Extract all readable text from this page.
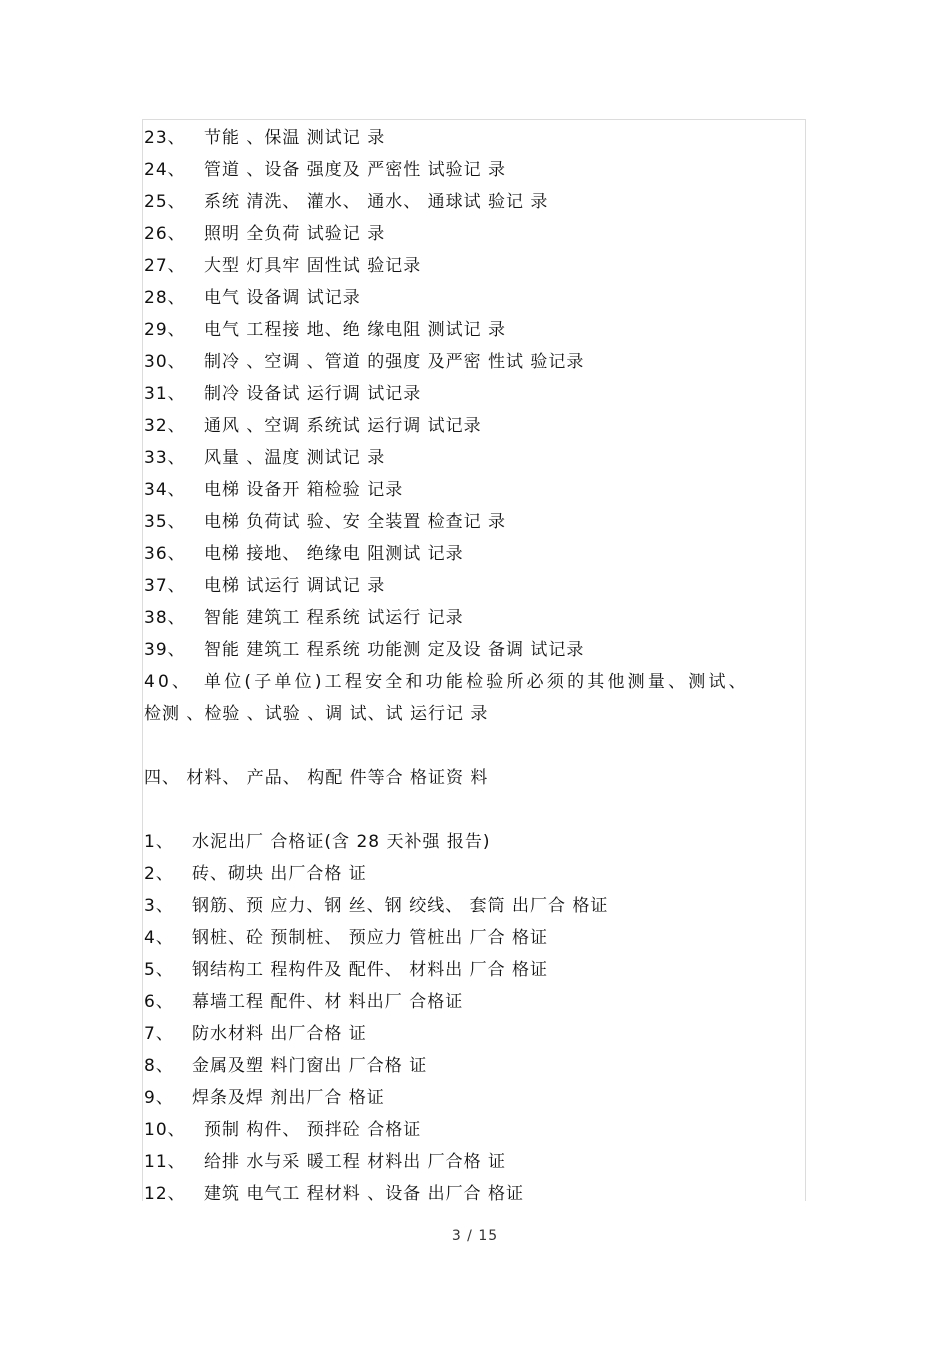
23、 节能 、保温 测试记 录
24、 管道 、设备 强度及 严密性 试验记 录
25、 系统 清洗、 灌水、 通水、 通球试 验记 录
26、 照明 全负荷 试验记 录
27、 大型 灯具牢 固性试 验记录
28、 电气 设备调 试记录
29、 电气 工程接 地、绝 缘电阻 测试记 录
30、 制冷 、空调 、管道 的强度 及严密 性试 验记录
31、 制冷 设备试 运行调 试记录
32、 通风 、空调 系统试 运行调 试记录
33、 风量 、温度 测试记 录
34、 电梯 设备开 箱检验 记录
35、 电梯 负荷试 验、安 全装置 检查记 录
36、 电梯 接地、 绝缘电 阻测试 记录
37、 电梯 试运行 调试记 录
38、 智能 建筑工 程系统 试运行 记录
39、 智能 建筑工 程系统 功能测 定及设 备调 试记录
40、 单位(子单位)工程安全和功能检验所必须的其他测量、测试、
检测 、检验 、试验 、调 试、试 运行记 录
四、 材料、 产品、 构配 件等合 格证资 料
1、 水泥出厂 合格证(含 28 天补强 报告)
2、 砖、砌块 出厂合格 证
3、 钢筋、预 应力、钢 丝、钢 绞线、 套筒 出厂合 格证
4、 钢桩、砼 预制桩、 预应力 管桩出 厂合 格证
5、 钢结构工 程构件及 配件、 材料出 厂合 格证
6、 幕墙工程 配件、材 料出厂 合格证
7、 防水材料 出厂合格 证
8、 金属及塑 料门窗出 厂合格 证
9、 焊条及焊 剂出厂合 格证
10、 预制 构件、 预拌砼 合格证
11、 给排 水与采 暖工程 材料出 厂合格 证
12、 建筑 电气工 程材料 、设备 出厂合 格证
3 / 15
